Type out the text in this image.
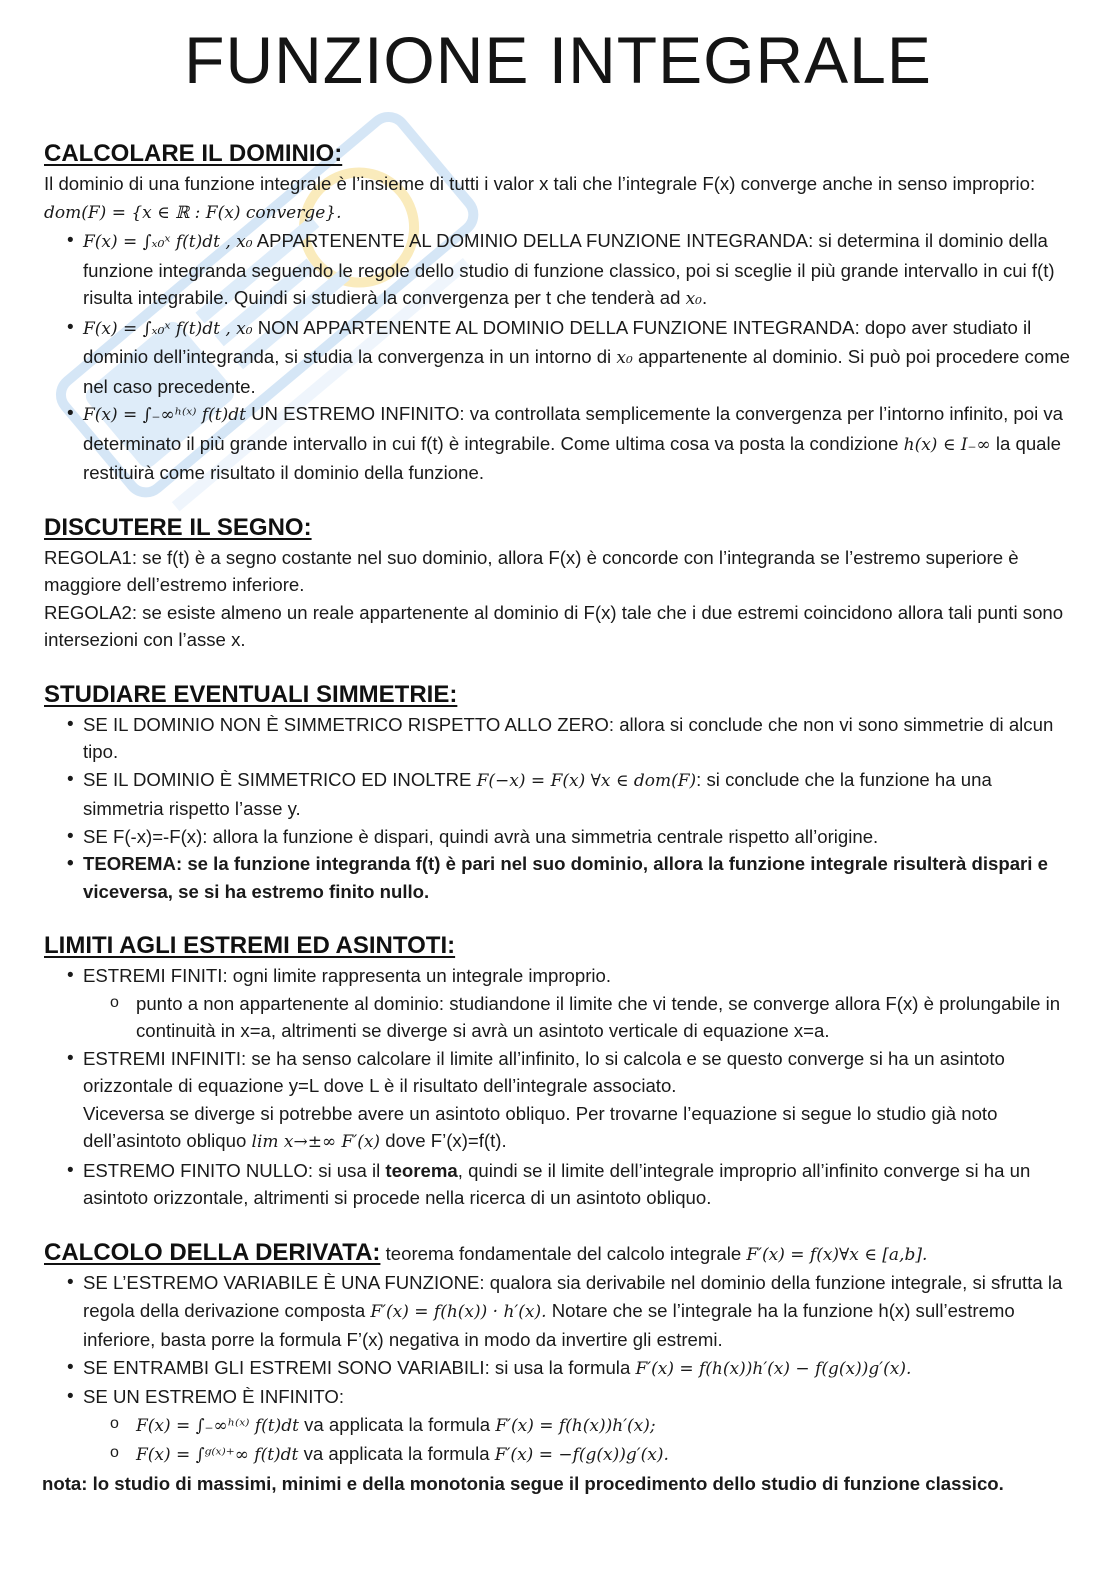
FUNZIONE INTEGRALE
CALCOLARE IL DOMINIO:

Il dominio di una funzione integrale è l’insieme di tutti i valor x tali che l’integrale F(x) converge anche in senso improprio: dom(F) = {x ∈ ℝ : F(x) converge}.

• F(x) = ∫ₓ₀ˣ f(t)dt , x₀ APPARTENENTE AL DOMINIO DELLA FUNZIONE INTEGRANDA: si determina il dominio della funzione integranda seguendo le regole dello studio di funzione classico, poi si sceglie il più grande intervallo in cui f(t) risulta integrabile. Quindi si studierà la convergenza per t che tenderà ad x₀.
• F(x) = ∫ₓ₀ˣ f(t)dt , x₀ NON APPARTENENTE AL DOMINIO DELLA FUNZIONE INTEGRANDA: dopo aver studiato il dominio dell’integranda, si studia la convergenza in un intorno di x₀ appartenente al dominio. Si può poi procedere come nel caso precedente.
• F(x) = ∫₋∞ʰ⁽ˣ⁾ f(t)dt UN ESTREMO INFINITO: va controllata semplicemente la convergenza per l’intorno infinito, poi va determinato il più grande intervallo in cui f(t) è integrabile. Come ultima cosa va posta la condizione h(x) ∈ I₋∞ la quale restituirà come risultato il dominio della funzione.
DISCUTERE IL SEGNO:

REGOLA1: se f(t) è a segno costante nel suo dominio, allora F(x) è concorde con l’integranda se l’estremo superiore è maggiore dell’estremo inferiore.

REGOLA2: se esiste almeno un reale appartenente al dominio di F(x) tale che i due estremi coincidono allora tali punti sono intersezioni con l’asse x.

STUDIARE EVENTUALI SIMMETRIE:
• SE IL DOMINIO NON È SIMMETRICO RISPETTO ALLO ZERO: allora si conclude che non vi sono simmetrie di alcun tipo.
• SE IL DOMINIO È SIMMETRICO ED INOLTRE F(−x) = F(x) ∀x ∈ dom(F): si conclude che la funzione ha una simmetria rispetto l’asse y.
• SE F(-x)=-F(x): allora la funzione è dispari, quindi avrà una simmetria centrale rispetto all’origine.
• TEOREMA: se la funzione integranda f(t) è pari nel suo dominio, allora la funzione integrale risulterà dispari e viceversa, se si ha estremo finito nullo.
LIMITI AGLI ESTREMI ED ASINTOTI:
• ESTREMI FINITI: ogni limite rappresenta un integrale improprio.
o punto a non appartenente al dominio: studiandone il limite che vi tende, se converge allora F(x) è prolungabile in continuità in x=a, altrimenti se diverge si avrà un asintoto verticale di equazione x=a.
• ESTREMI INFINITI: se ha senso calcolare il limite all’infinito, lo si calcola e se questo converge si ha un asintoto orizzontale di equazione y=L dove L è il risultato dell’integrale associato.
Viceversa se diverge si potrebbe avere un asintoto obliquo. Per trovarne l’equazione si segue lo studio già noto dell’asintoto obliquo lim x→±∞ F′(x) dove F’(x)=f(t).
• ESTREMO FINITO NULLO: si usa il teorema, quindi se il limite dell’integrale improprio all’infinito converge si ha un asintoto orizzontale, altrimenti si procede nella ricerca di un asintoto obliquo.
CALCOLO DELLA DERIVATA: teorema fondamentale del calcolo integrale F′(x) = f(x)∀x ∈ [a,b].
• SE L’ESTREMO VARIABILE È UNA FUNZIONE: qualora sia derivabile nel dominio della funzione integrale, si sfrutta la regola della derivazione composta F′(x) = f(h(x)) · h′(x). Notare che se l’integrale ha la funzione h(x) sull’estremo inferiore, basta porre la formula F’(x) negativa in modo da invertire gli estremi.
• SE ENTRAMBI GLI ESTREMI SONO VARIABILI: si usa la formula F′(x) = f(h(x))h′(x) − f(g(x))g′(x).
• SE UN ESTREMO È INFINITO:
o F(x) = ∫₋∞ʰ⁽ˣ⁾ f(t)dt va applicata la formula F′(x) = f(h(x))h′(x);
o F(x) = ∫ᵍ⁽ˣ⁾⁺∞ f(t)dt va applicata la formula F′(x) = −f(g(x))g′(x).

nota: lo studio di massimi, minimi e della monotonia segue il procedimento dello studio di funzione classico.
